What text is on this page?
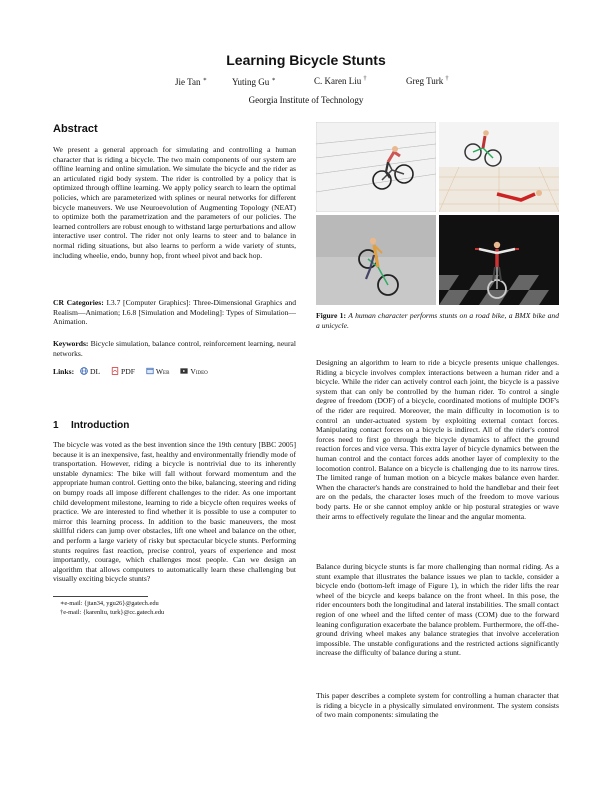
Learning Bicycle Stunts
Jie Tan ∗	Yuting Gu ∗	C. Karen Liu †	Greg Turk †
Georgia Institute of Technology
Abstract

We present a general approach for simulating and controlling a human character that is riding a bicycle. The two main components of our system are offline learning and online simulation. We simulate the bicycle and the rider as an articulated rigid body system. The rider is controlled by a policy that is optimized through offline learning. We apply policy search to learn the optimal policies, which are parameterized with splines or neural networks for different bicycle maneuvers. We use Neuroevolution of Augmenting Topology (NEAT) to optimize both the parametrization and the parameters of our policies. The learned controllers are robust enough to withstand large perturbations and allow interactive user control. The rider not only learns to steer and to balance in normal riding situations, but also learns to perform a wide variety of stunts, including wheelie, endo, bunny hop, front wheel pivot and back hop.

CR Categories: I.3.7 [Computer Graphics]: Three-Dimensional Graphics and Realism—Animation; I.6.8 [Simulation and Modeling]: Types of Simulation—Animation.

Keywords: Bicycle simulation, balance control, reinforcement learning, neural networks.

Links: DL	PDF	Web	Video
1 Introduction

The bicycle was voted as the best invention since the 19th century [BBC 2005] because it is an inexpensive, fast, healthy and environmentally friendly mode of transportation. However, riding a bicycle is nontrivial due to its inherently unstable dynamics: The bike will fall without forward momentum and the appropriate human control. Getting onto the bike, balancing, steering and riding on bumpy roads all impose different challenges to the rider. As one important child development milestone, learning to ride a bicycle often requires weeks of practice. We are interested to find whether it is possible to use a computer to mirror this learning process. In addition to the basic maneuvers, the most skillful riders can jump over obstacles, lift one wheel and balance on the other, and perform a large variety of risky but spectacular bicycle stunts. Performing stunts requires fast reaction, precise control, years of experience and most importantly, courage, which challenges most people. Can we design an algorithm that allows computers to automatically learn these challenging but visually exciting bicycle stunts?

∗e-mail: {jtan34, ygu26}@gatech.edu
†e-mail: {karenliu, turk}@cc.gatech.edu

Figure 1: A human character performs stunts on a road bike, a BMX bike and a unicycle.

Designing an algorithm to learn to ride a bicycle presents unique challenges. Riding a bicycle involves complex interactions between a human rider and a bicycle. While the rider can actively control each joint, the bicycle is a passive system that can only be controlled by the human rider. To control a single degree of freedom (DOF) of a bicycle, coordinated motions of multiple DOF's of the rider are required. Moreover, the main difficulty in locomotion is to control an under-actuated system by exploiting external contact forces. Manipulating contact forces on a bicycle is indirect. All of the rider's control forces need to first go through the bicycle dynamics to affect the ground reaction forces and vice versa. This extra layer of bicycle dynamics between the human control and the contact forces adds another layer of complexity to the locomotion control. Balance on a bicycle is challenging due to its narrow tires. The limited range of human motion on a bicycle makes balance even harder. When the character's hands are constrained to hold the handlebar and their feet are on the pedals, the character loses much of the freedom to move various body parts. He or she cannot employ ankle or hip postural strategies or wave their arms to effectively regulate the linear and the angular momenta.

Balance during bicycle stunts is far more challenging than normal riding. As a stunt example that illustrates the balance issues we plan to tackle, consider a bicycle endo (bottom-left image of Figure 1), in which the rider lifts the rear wheel of the bicycle and keeps balance on the front wheel. In this pose, the rider encounters both the longitudinal and lateral instabilities. The small contact region of one wheel and the lifted center of mass (COM) due to the forward leaning configuration exacerbate the balance problem. Furthermore, the off-the-ground driving wheel makes any balance strategies that involve acceleration impossible. The unstable configurations and the restricted actions significantly increase the difficulty of balance during a stunt.

This paper describes a complete system for controlling a human character that is riding a bicycle in a physically simulated environment. The system consists of two main components: simulating the
